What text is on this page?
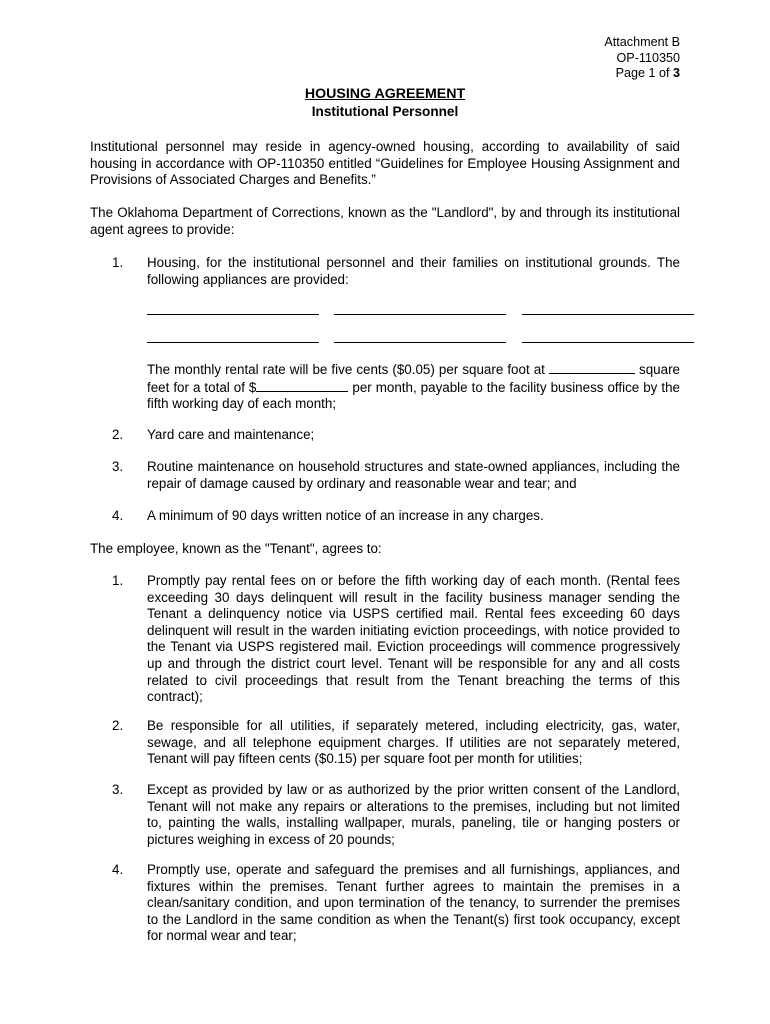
Attachment B
OP-110350
Page 1 of 3
HOUSING AGREEMENT
Institutional Personnel

Institutional personnel may reside in agency-owned housing, according to availability of said housing in accordance with OP-110350 entitled “Guidelines for Employee Housing Assignment and Provisions of Associated Charges and Benefits.”

The Oklahoma Department of Corrections, known as the "Landlord", by and through its institutional agent agrees to provide:

1. Housing, for the institutional personnel and their families on institutional grounds. The following appliances are provided:
The monthly rental rate will be five cents ($0.05) per square foot at	square feet for a total of $	per month, payable to the facility business office by the fifth working day of each month;
2. Yard care and maintenance;
3. Routine maintenance on household structures and state-owned appliances, including the repair of damage caused by ordinary and reasonable wear and tear; and
4. A minimum of 90 days written notice of an increase in any charges.

The employee, known as the "Tenant", agrees to:

1. Promptly pay rental fees on or before the fifth working day of each month. (Rental fees exceeding 30 days delinquent will result in the facility business manager sending the Tenant a delinquency notice via USPS certified mail. Rental fees exceeding 60 days delinquent will result in the warden initiating eviction proceedings, with notice provided to the Tenant via USPS registered mail. Eviction proceedings will commence progressively up and through the district court level. Tenant will be responsible for any and all costs related to civil proceedings that result from the Tenant breaching the terms of this contract);
2. Be responsible for all utilities, if separately metered, including electricity, gas, water, sewage, and all telephone equipment charges. If utilities are not separately metered, Tenant will pay fifteen cents ($0.15) per square foot per month for utilities;
3. Except as provided by law or as authorized by the prior written consent of the Landlord, Tenant will not make any repairs or alterations to the premises, including but not limited to, painting the walls, installing wallpaper, murals, paneling, tile or hanging posters or pictures weighing in excess of 20 pounds;
4. Promptly use, operate and safeguard the premises and all furnishings, appliances, and fixtures within the premises. Tenant further agrees to maintain the premises in a clean/sanitary condition, and upon termination of the tenancy, to surrender the premises to the Landlord in the same condition as when the Tenant(s) first took occupancy, except for normal wear and tear;
